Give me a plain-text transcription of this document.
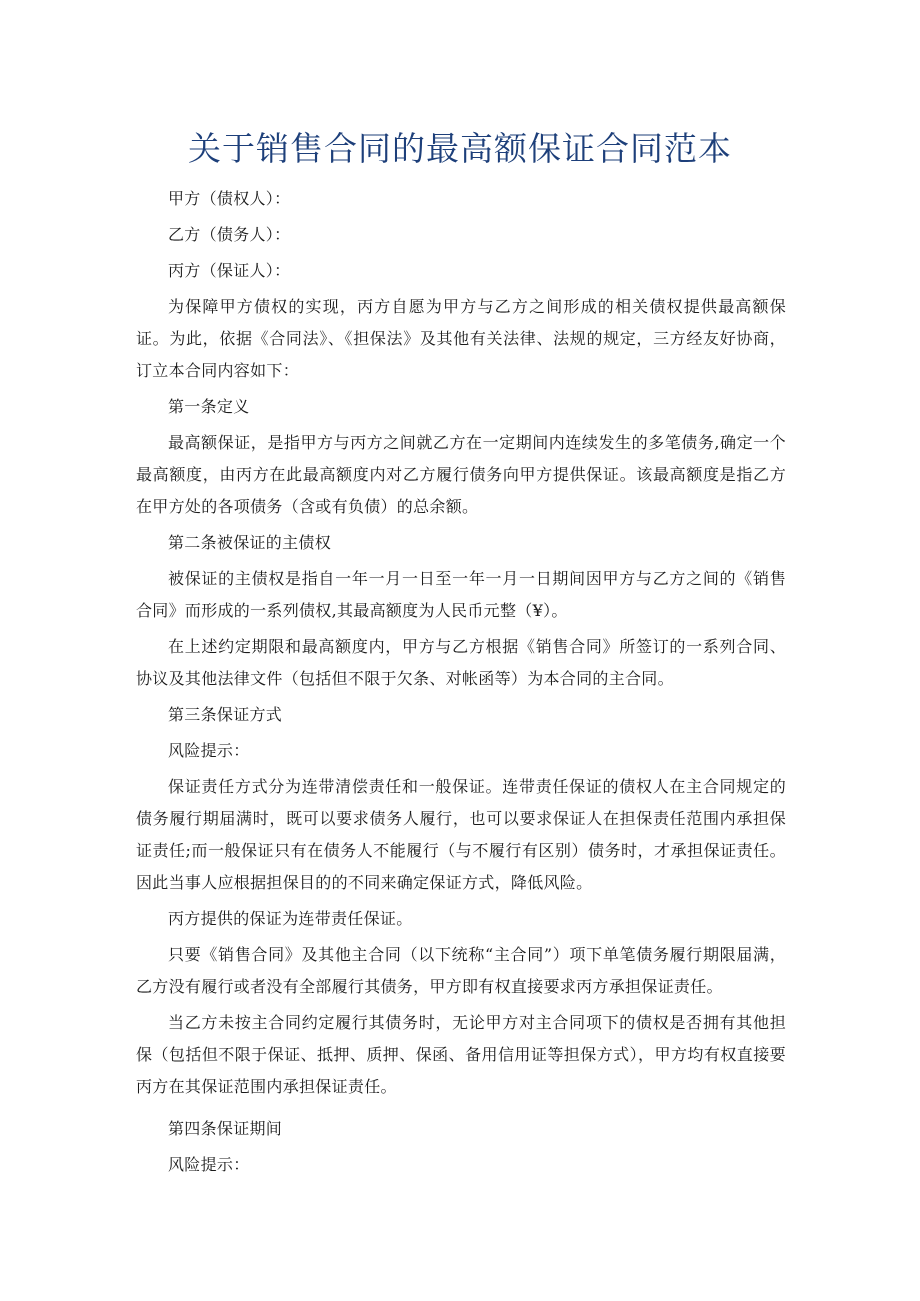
关于销售合同的最高额保证合同范本

甲方（债权人）：

乙方（债务人）：

丙方（保证人）：

为保障甲方债权的实现，丙方自愿为甲方与乙方之间形成的相关债权提供最高额保证。为此，依据《合同法》、《担保法》及其他有关法律、法规的规定，三方经友好协商，订立本合同内容如下：

第一条定义

最高额保证，是指甲方与丙方之间就乙方在一定期间内连续发生的多笔债务,确定一个最高额度，由丙方在此最高额度内对乙方履行债务向甲方提供保证。该最高额度是指乙方在甲方处的各项债务（含或有负债）的总余额。

第二条被保证的主债权

被保证的主债权是指自一年一月一日至一年一月一日期间因甲方与乙方之间的《销售合同》而形成的一系列债权,其最高额度为人民币元整（¥）。

在上述约定期限和最高额度内，甲方与乙方根据《销售合同》所签订的一系列合同、协议及其他法律文件（包括但不限于欠条、对帐函等）为本合同的主合同。

第三条保证方式

风险提示：

保证责任方式分为连带清偿责任和一般保证。连带责任保证的债权人在主合同规定的债务履行期届满时，既可以要求债务人履行，也可以要求保证人在担保责任范围内承担保证责任;而一般保证只有在债务人不能履行（与不履行有区别）债务时，才承担保证责任。因此当事人应根据担保目的的不同来确定保证方式，降低风险。

丙方提供的保证为连带责任保证。

只要《销售合同》及其他主合同（以下统称“主合同”）项下单笔债务履行期限届满，乙方没有履行或者没有全部履行其债务，甲方即有权直接要求丙方承担保证责任。

当乙方未按主合同约定履行其债务时，无论甲方对主合同项下的债权是否拥有其他担保（包括但不限于保证、抵押、质押、保函、备用信用证等担保方式），甲方均有权直接要丙方在其保证范围内承担保证责任。

第四条保证期间

风险提示：
